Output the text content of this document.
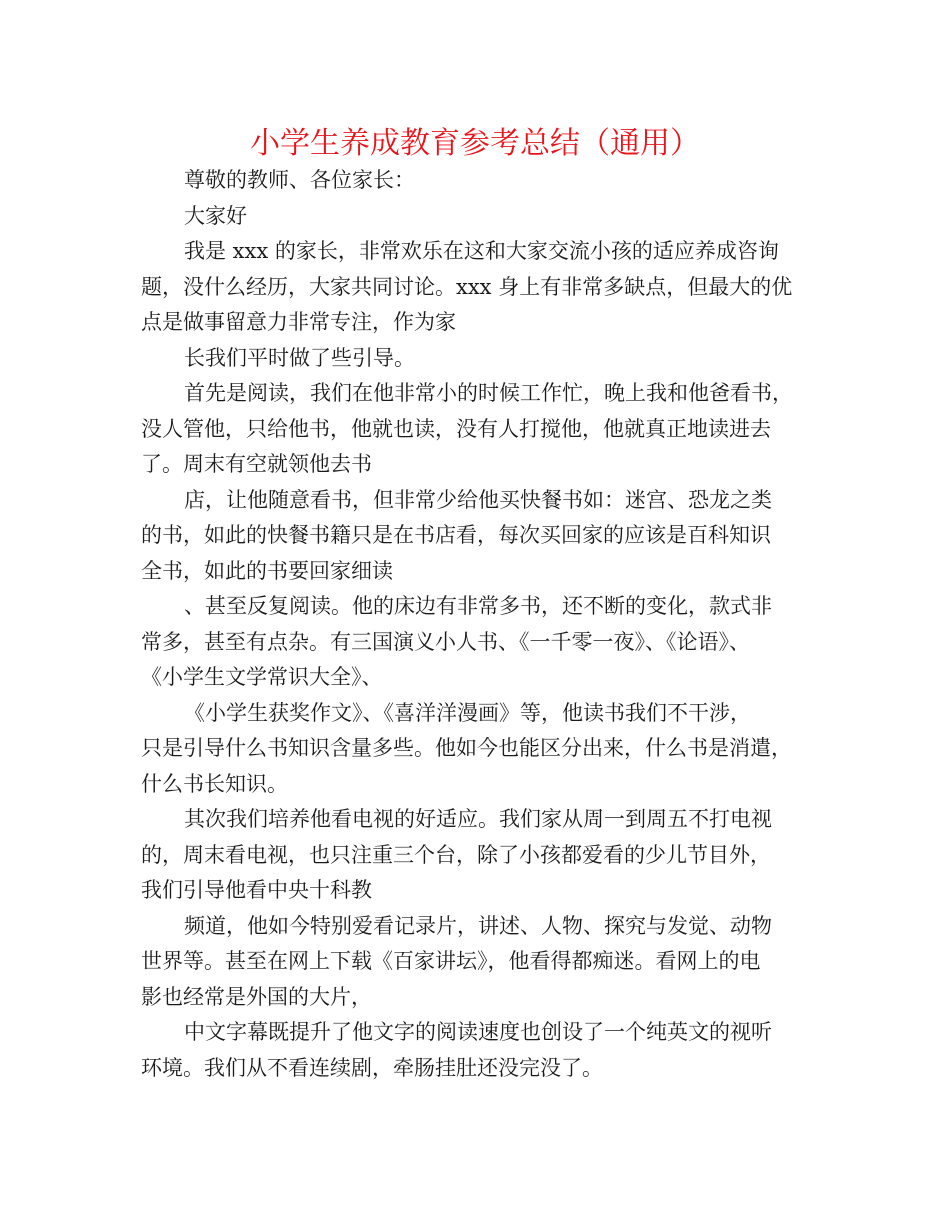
小学生养成教育参考总结（通用）
尊敬的教师、各位家长：
大家好
我是 xxx 的家长，非常欢乐在这和大家交流小孩的适应养成咨询
题，没什么经历，大家共同讨论。xxx 身上有非常多缺点，但最大的优
点是做事留意力非常专注，作为家
长我们平时做了些引导。
首先是阅读，我们在他非常小的时候工作忙，晚上我和他爸看书，
没人管他，只给他书，他就也读，没有人打搅他，他就真正地读进去
了。周末有空就领他去书
店，让他随意看书，但非常少给他买快餐书如：迷宫、恐龙之类
的书，如此的快餐书籍只是在书店看，每次买回家的应该是百科知识
全书，如此的书要回家细读
、甚至反复阅读。他的床边有非常多书，还不断的变化，款式非
常多，甚至有点杂。有三国演义小人书、《一千零一夜》、《论语》、
《小学生文学常识大全》、
《小学生获奖作文》、《喜洋洋漫画》等，他读书我们不干涉，
只是引导什么书知识含量多些。他如今也能区分出来，什么书是消遣，
什么书长知识。
其次我们培养他看电视的好适应。我们家从周一到周五不打电视
的，周末看电视，也只注重三个台，除了小孩都爱看的少儿节目外，
我们引导他看中央十科教
频道，他如今特别爱看记录片，讲述、人物、探究与发觉、动物
世界等。甚至在网上下载《百家讲坛》，他看得都痴迷。看网上的电
影也经常是外国的大片，
中文字幕既提升了他文字的阅读速度也创设了一个纯英文的视听
环境。我们从不看连续剧，牵肠挂肚还没完没了。
